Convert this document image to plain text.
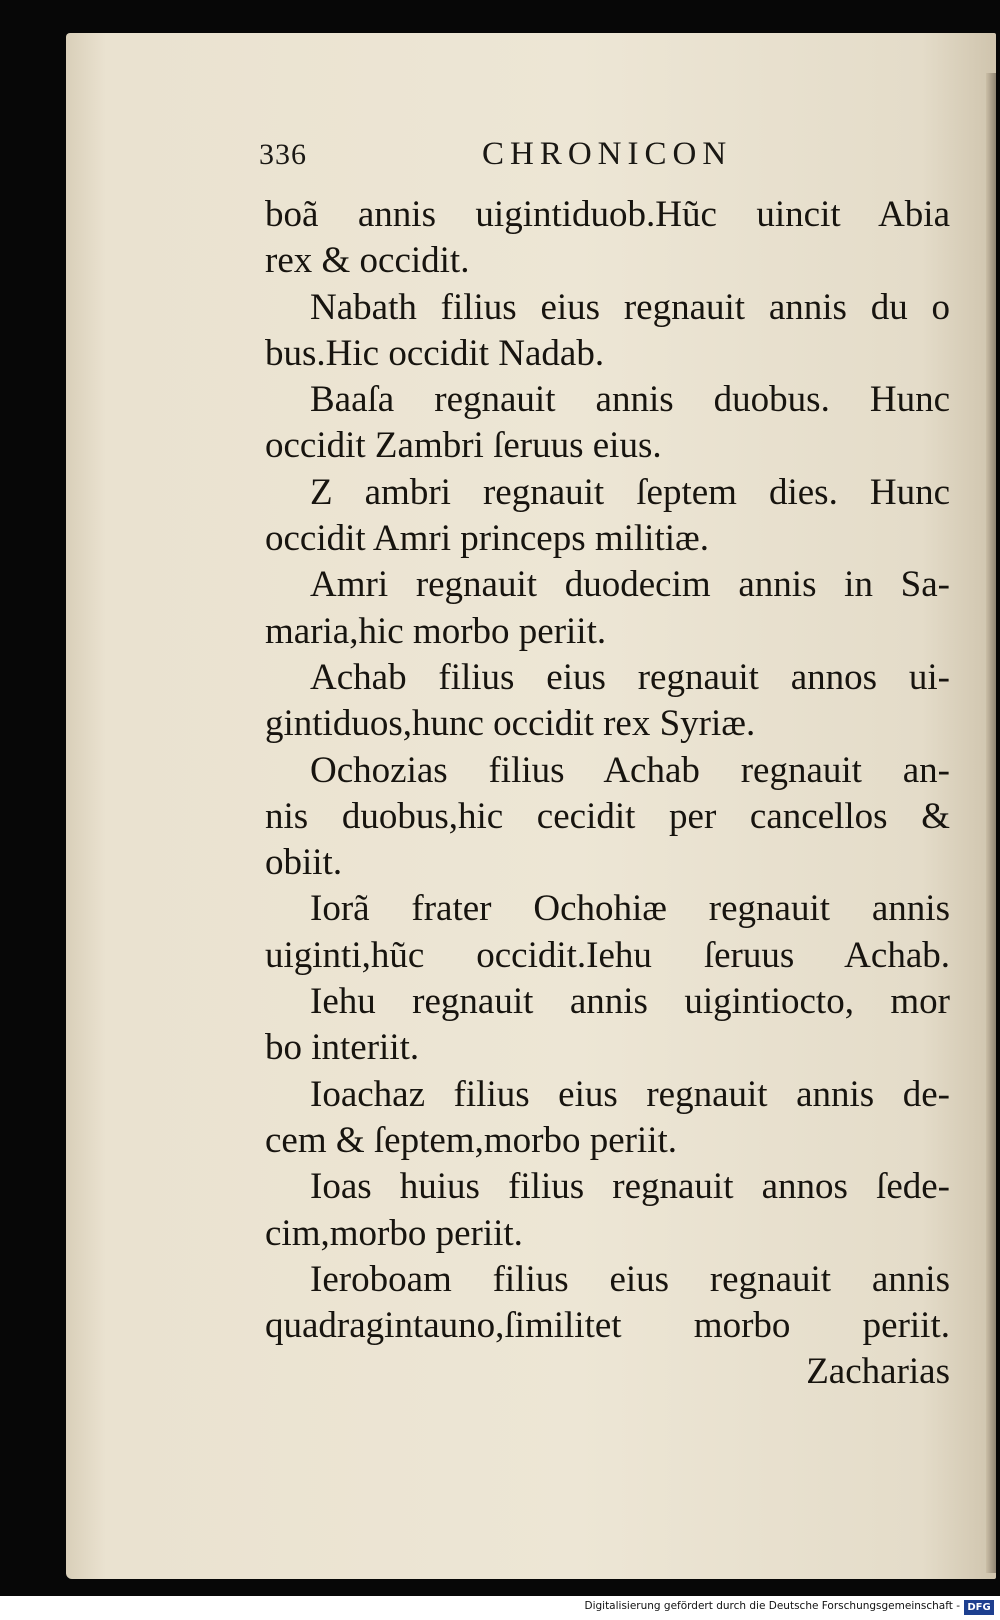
336	CHRONICON
boã annis uigintiduob.Hũc uincit Abia
rex & occidit.
Nabath filius eius regnauit annis du o
bus.Hic occidit Nadab.
Baaſa regnauit annis duobus. Hunc
occidit Zambri ſeruus eius.
Z ambri regnauit ſeptem dies. Hunc
occidit Amri princeps militiæ.
Amri regnauit duodecim annis in Sa-
maria,hic morbo periit.
Achab filius eius regnauit annos ui-
gintiduos,hunc occidit rex Syriæ.
Ochozias filius Achab regnauit an-
nis duobus,hic cecidit per cancellos &
obiit.
Iorã frater Ochohiæ regnauit annis
uiginti,hũc occidit.Iehu ſeruus Achab.
Iehu regnauit annis uigintiocto, mor
bo interiit.
Ioachaz filius eius regnauit annis de-
cem & ſeptem,morbo periit.
Ioas huius filius regnauit annos ſede-
cim,morbo periit.
Ieroboam filius eius regnauit annis
quadragintauno,ſimilitet morbo periit.
Zacharias
Digitalisierung gefördert durch die Deutsche Forschungsgemeinschaft - DFG
